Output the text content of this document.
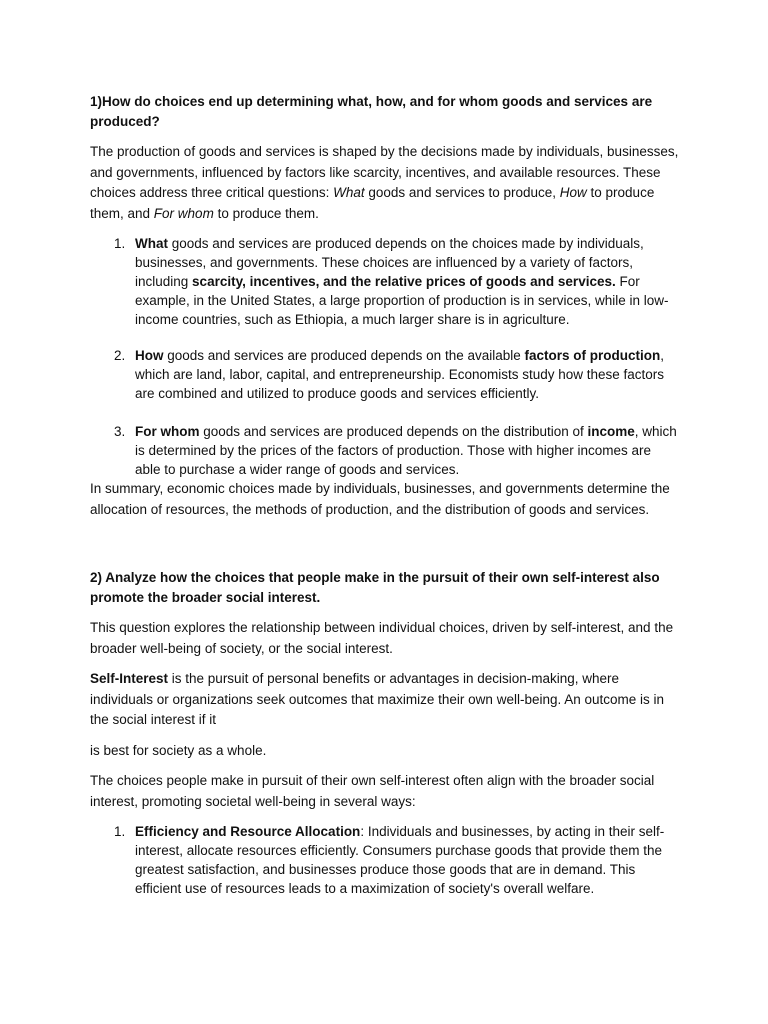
1)How do choices end up determining what, how, and for whom goods and services are produced?

The production of goods and services is shaped by the decisions made by individuals, businesses, and governments, influenced by factors like scarcity, incentives, and available resources. These choices address three critical questions: What goods and services to produce, How to produce them, and For whom to produce them.

1. What goods and services are produced depends on the choices made by individuals, businesses, and governments. These choices are influenced by a variety of factors, including scarcity, incentives, and the relative prices of goods and services. For example, in the United States, a large proportion of production is in services, while in low-income countries, such as Ethiopia, a much larger share is in agriculture.
2. How goods and services are produced depends on the available factors of production, which are land, labor, capital, and entrepreneurship. Economists study how these factors are combined and utilized to produce goods and services efficiently.
3. For whom goods and services are produced depends on the distribution of income, which is determined by the prices of the factors of production. Those with higher incomes are able to purchase a wider range of goods and services.

In summary, economic choices made by individuals, businesses, and governments determine the allocation of resources, the methods of production, and the distribution of goods and services.

2) Analyze how the choices that people make in the pursuit of their own self-interest also promote the broader social interest.

This question explores the relationship between individual choices, driven by self-interest, and the broader well-being of society, or the social interest.

Self-Interest is the pursuit of personal benefits or advantages in decision-making, where individuals or organizations seek outcomes that maximize their own well-being. An outcome is in the social interest if it

is best for society as a whole.

The choices people make in pursuit of their own self-interest often align with the broader social interest, promoting societal well-being in several ways:

1. Efficiency and Resource Allocation: Individuals and businesses, by acting in their self-interest, allocate resources efficiently. Consumers purchase goods that provide them the greatest satisfaction, and businesses produce those goods that are in demand. This efficient use of resources leads to a maximization of society's overall welfare.
